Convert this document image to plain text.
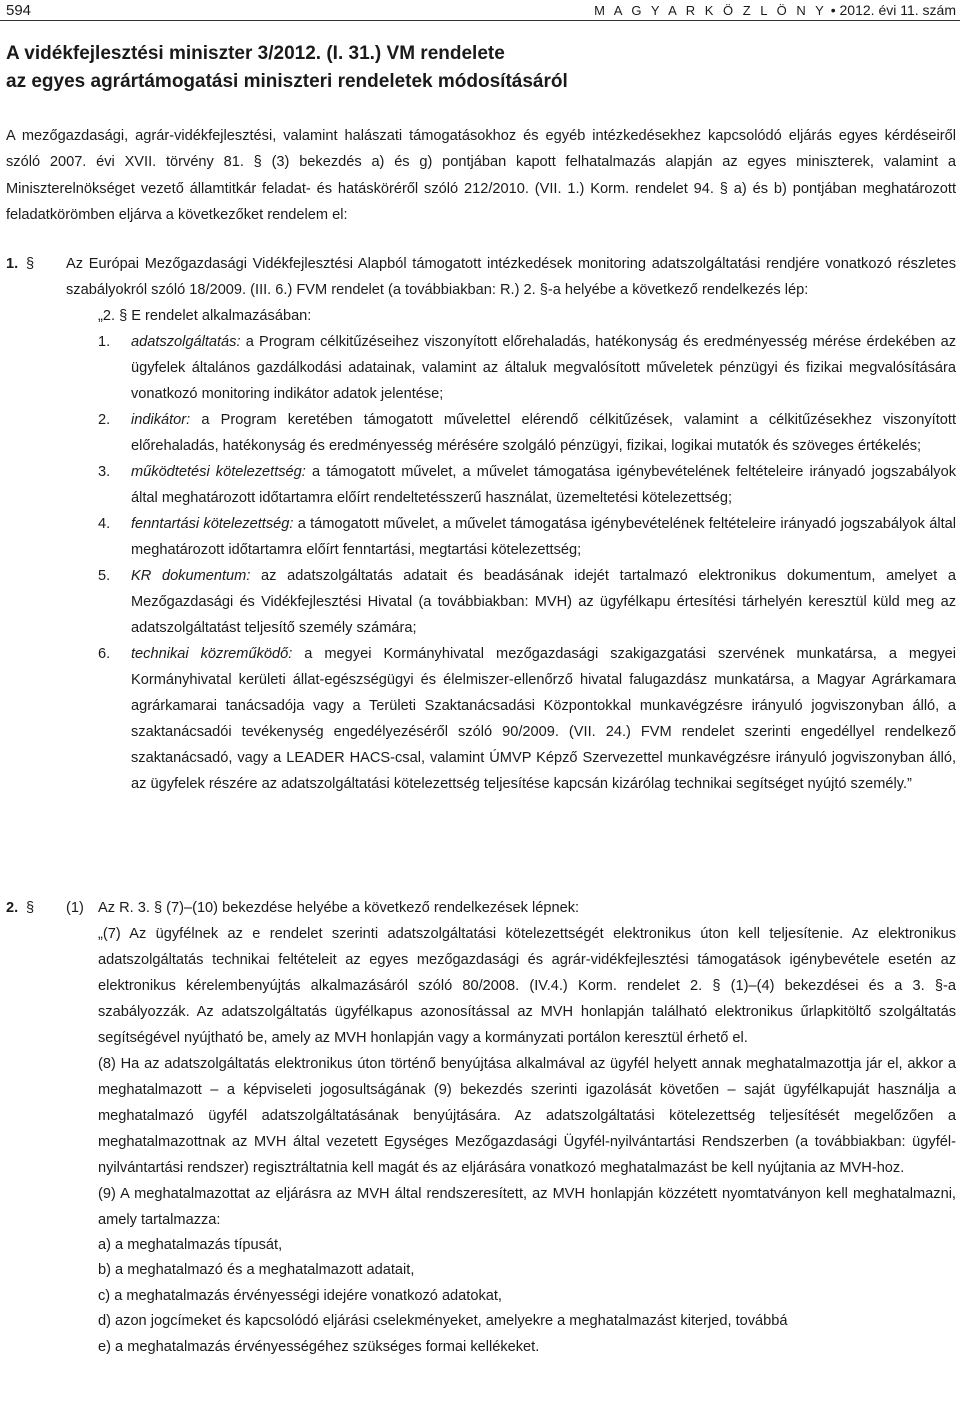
594	M A G Y A R K Ö Z L Ö N Y • 2012. évi 11. szám
A vidékfejlesztési miniszter 3/2012. (I. 31.) VM rendelete
az egyes agrártámogatási miniszteri rendeletek módosításáról

A mezőgazdasági, agrár-vidékfejlesztési, valamint halászati támogatásokhoz és egyéb intézkedésekhez kapcsolódó eljárás egyes kérdéseiről szóló 2007. évi XVII. törvény 81. § (3) bekezdés a) és g) pontjában kapott felhatalmazás alapján az egyes miniszterek, valamint a Miniszterelnökséget vezető államtitkár feladat- és hatásköréről szóló 212/2010. (VII. 1.) Korm. rendelet 94. § a) és b) pontjában meghatározott feladatkörömben eljárva a következőket rendelem el:

1. §	Az Európai Mezőgazdasági Vidékfejlesztési Alapból támogatott intézkedések monitoring adatszolgáltatási rendjére vonatkozó részletes szabályokról szóló 18/2009. (III. 6.) FVM rendelet (a továbbiakban: R.) 2. §-a helyébe a következő rendelkezés lép:
„2. § E rendelet alkalmazásában:
1.	adatszolgáltatás: a Program célkitűzéseihez viszonyított előrehaladás, hatékonyság és eredményesség mérése érdekében az ügyfelek általános gazdálkodási adatainak, valamint az általuk megvalósított műveletek pénzügyi és fizikai megvalósítására vonatkozó monitoring indikátor adatok jelentése;
2.	indikátor: a Program keretében támogatott művelettel elérendő célkitűzések, valamint a célkitűzésekhez viszonyított előrehaladás, hatékonyság és eredményesség mérésére szolgáló pénzügyi, fizikai, logikai mutatók és szöveges értékelés;
3.	működtetési kötelezettség: a támogatott művelet, a művelet támogatása igénybevételének feltételeire irányadó jogszabályok által meghatározott időtartamra előírt rendeltetésszerű használat, üzemeltetési kötelezettség;
4.	fenntartási kötelezettség: a támogatott művelet, a művelet támogatása igénybevételének feltételeire irányadó jogszabályok által meghatározott időtartamra előírt fenntartási, megtartási kötelezettség;
5.	KR dokumentum: az adatszolgáltatás adatait és beadásának idejét tartalmazó elektronikus dokumentum, amelyet a Mezőgazdasági és Vidékfejlesztési Hivatal (a továbbiakban: MVH) az ügyfélkapu értesítési tárhelyén keresztül küld meg az adatszolgáltatást teljesítő személy számára;
6.	technikai közreműködő: a megyei Kormányhivatal mezőgazdasági szakigazgatási szervének munkatársa, a megyei Kormányhivatal kerületi állat-egészségügyi és élelmiszer-ellenőrző hivatal falugazdász munkatársa, a Magyar Agrárkamara agrárkamarai tanácsadója vagy a Területi Szaktanácsadási Központokkal munkavégzésre irányuló jogviszonyban álló, a szaktanácsadói tevékenység engedélyezéséről szóló 90/2009. (VII. 24.) FVM rendelet szerinti engedéllyel rendelkező szaktanácsadó, vagy a LEADER HACS-csal, valamint ÚMVP Képző Szervezettel munkavégzésre irányuló jogviszonyban álló, az ügyfelek részére az adatszolgáltatási kötelezettség teljesítése kapcsán kizárólag technikai segítséget nyújtó személy.”
2. §	(1) Az R. 3. § (7)–(10) bekezdése helyébe a következő rendelkezések lépnek:

„(7) Az ügyfélnek az e rendelet szerinti adatszolgáltatási kötelezettségét elektronikus úton kell teljesítenie. Az elektronikus adatszolgáltatás technikai feltételeit az egyes mezőgazdasági és agrár-vidékfejlesztési támogatások igénybevétele esetén az elektronikus kérelembenyújtás alkalmazásáról szóló 80/2008. (IV.4.) Korm. rendelet 2. § (1)–(4) bekezdései és a 3. §-a szabályozzák. Az adatszolgáltatás ügyfélkapus azonosítással az MVH honlapján található elektronikus űrlapkitöltő szolgáltatás segítségével nyújtható be, amely az MVH honlapján vagy a kormányzati portálon keresztül érhető el.

(8) Ha az adatszolgáltatás elektronikus úton történő benyújtása alkalmával az ügyfél helyett annak meghatalmazottja jár el, akkor a meghatalmazott – a képviseleti jogosultságának (9) bekezdés szerinti igazolását követően – saját ügyfélkapuját használja a meghatalmazó ügyfél adatszolgáltatásának benyújtására. Az adatszolgáltatási kötelezettség teljesítését megelőzően a meghatalmazottnak az MVH által vezetett Egységes Mezőgazdasági Ügyfél-nyilvántartási Rendszerben (a továbbiakban: ügyfél-nyilvántartási rendszer) regisztráltatnia kell magát és az eljárására vonatkozó meghatalmazást be kell nyújtania az MVH-hoz.

(9) A meghatalmazottat az eljárásra az MVH által rendszeresített, az MVH honlapján közzétett nyomtatványon kell meghatalmazni, amely tartalmazza:

a) a meghatalmazás típusát,
b) a meghatalmazó és a meghatalmazott adatait,
c) a meghatalmazás érvényességi idejére vonatkozó adatokat,
d) azon jogcímeket és kapcsolódó eljárási cselekményeket, amelyekre a meghatalmazást kiterjed, továbbá
e) a meghatalmazás érvényességéhez szükséges formai kellékeket.
